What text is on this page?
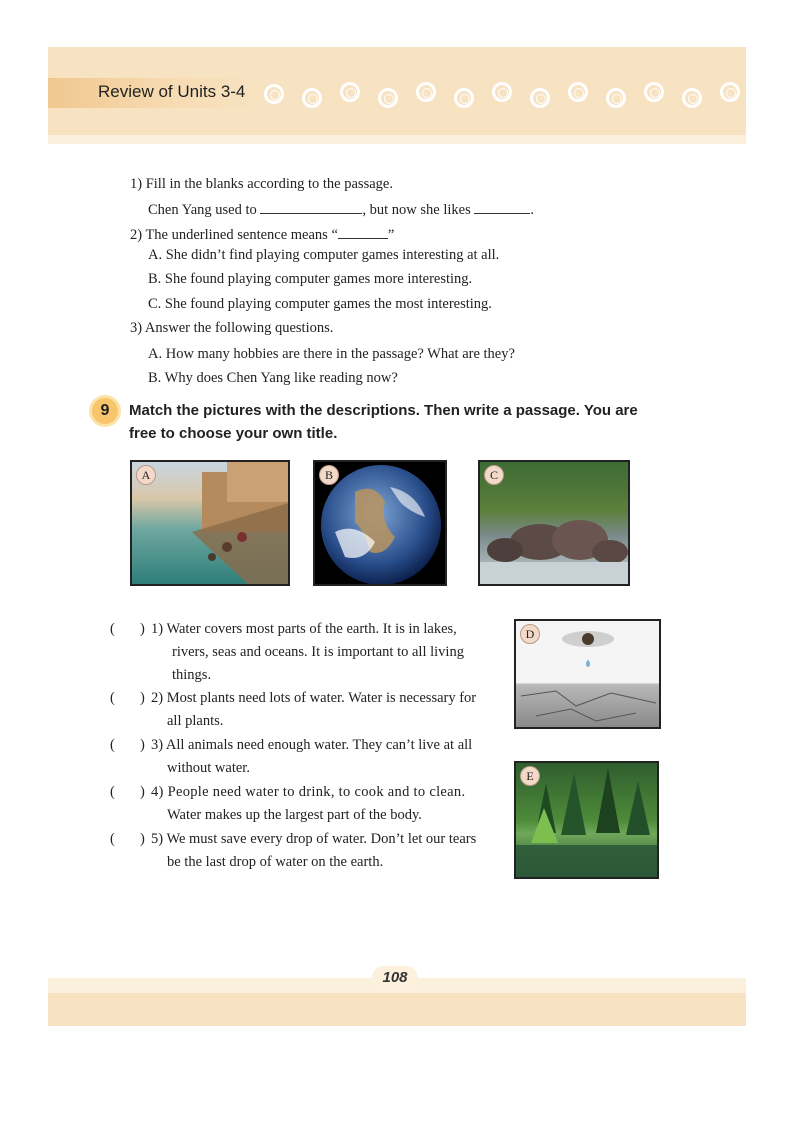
Review of Units 3-4
1) Fill in the blanks according to the passage.
Chen Yang used to	, but now she likes	.
2) The underlined sentence means “	”
A. She didn’t find playing computer games interesting at all.
B. She found playing computer games more interesting.
C. She found playing computer games the most interesting.
3) Answer the following questions.
A. How many hobbies are there in the passage? What are they?
B. Why does Chen Yang like reading now?
9	Match the pictures with the descriptions. Then write a passage. You are
free to choose your own title.
A	B	C
D
E
( ) 1) Water covers most parts of the earth. It is in lakes,
rivers, seas and oceans. It is important to all living
things.
( ) 2) Most plants need lots of water. Water is necessary for
all plants.
( ) 3) All animals need enough water. They can’t live at all
without water.
( ) 4) People need water to drink, to cook and to clean.
Water makes up the largest part of the body.
( ) 5) We must save every drop of water. Don’t let our tears
be the last drop of water on the earth.
108
